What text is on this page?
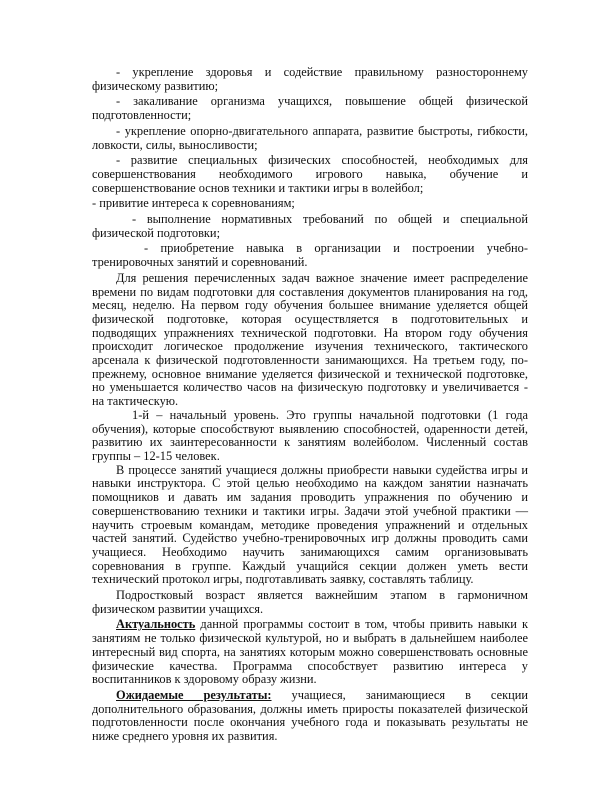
- укрепление здоровья и содействие правильному разностороннему физическому развитию;

- закаливание организма учащихся, повышение общей физической подготовленности;

- укрепление опорно-двигательного аппарата, развитие быстроты, гибкости, ловкости, силы, выносливости;

- развитие специальных физических способностей, необходимых для совершенствования необходимого игрового навыка, обучение и совершенствование основ техники и тактики игры в волейбол;

- привитие интереса к соревнованиям;

- выполнение нормативных требований по общей и специальной физической подготовки;

- приобретение навыка в организации и построении учебно-тренировочных занятий и соревнований.

Для решения перечисленных задач важное значение имеет распределение времени по видам подготовки для составления документов планирования на год, месяц, неделю. На первом году обучения большее внимание уделяется общей физической подготовке, которая осуществляется в подготовительных и подводящих упражнениях технической подготовки. На втором году обучения происходит логическое продолжение изучения технического, тактического арсенала к физической подготовленности занимающихся. На третьем году, по-прежнему, основное внимание уделяется физической и технической подготовке, но уменьшается количество часов на физическую подготовку и увеличивается - на тактическую.

1-й – начальный уровень. Это группы начальной подготовки (1 года обучения), которые способствуют выявлению способностей, одаренности детей, развитию их заинтересованности к занятиям волейболом. Численный состав группы – 12-15 человек.

В процессе занятий учащиеся должны приобрести навыки судейства игры и навыки инструктора. С этой целью необходимо на каждом занятии назначать помощников и давать им задания проводить упражнения по обучению и совершенствованию техники и тактики игры. Задачи этой учебной практики — научить строевым командам, методике проведения упражнений и отдельных частей занятий. Судейство учебно-тренировочных игр должны проводить сами учащиеся. Необходимо научить занимающихся самим организовывать соревнования в группе. Каждый учащийся секции должен уметь вести технический протокол игры, подготавливать заявку, составлять таблицу.

Подростковый возраст является важнейшим этапом в гармоничном физическом развитии учащихся.

Актуальность данной программы состоит в том, чтобы привить навыки к занятиям не только физической культурой, но и выбрать в дальнейшем наиболее интересный вид спорта, на занятиях которым можно совершенствовать основные физические качества. Программа способствует развитию интереса у воспитанников к здоровому образу жизни.

Ожидаемые результаты: учащиеся, занимающиеся в секции дополнительного образования, должны иметь приросты показателей физической подготовленности после окончания учебного года и показывать результаты не ниже среднего уровня их развития.
